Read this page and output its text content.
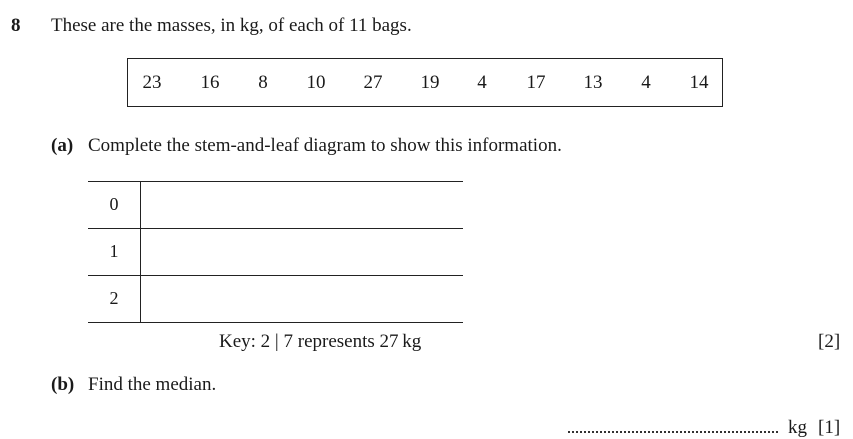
8 These are the masses, in kg, of each of 11 bags.
23 16 8 10 27 19 4 17 13 4 14
(a) Complete the stem-and-leaf diagram to show this information.
0
1
2
Key: 2 | 7 represents 27 kg	[2]
(b) Find the median.
kg [1]
